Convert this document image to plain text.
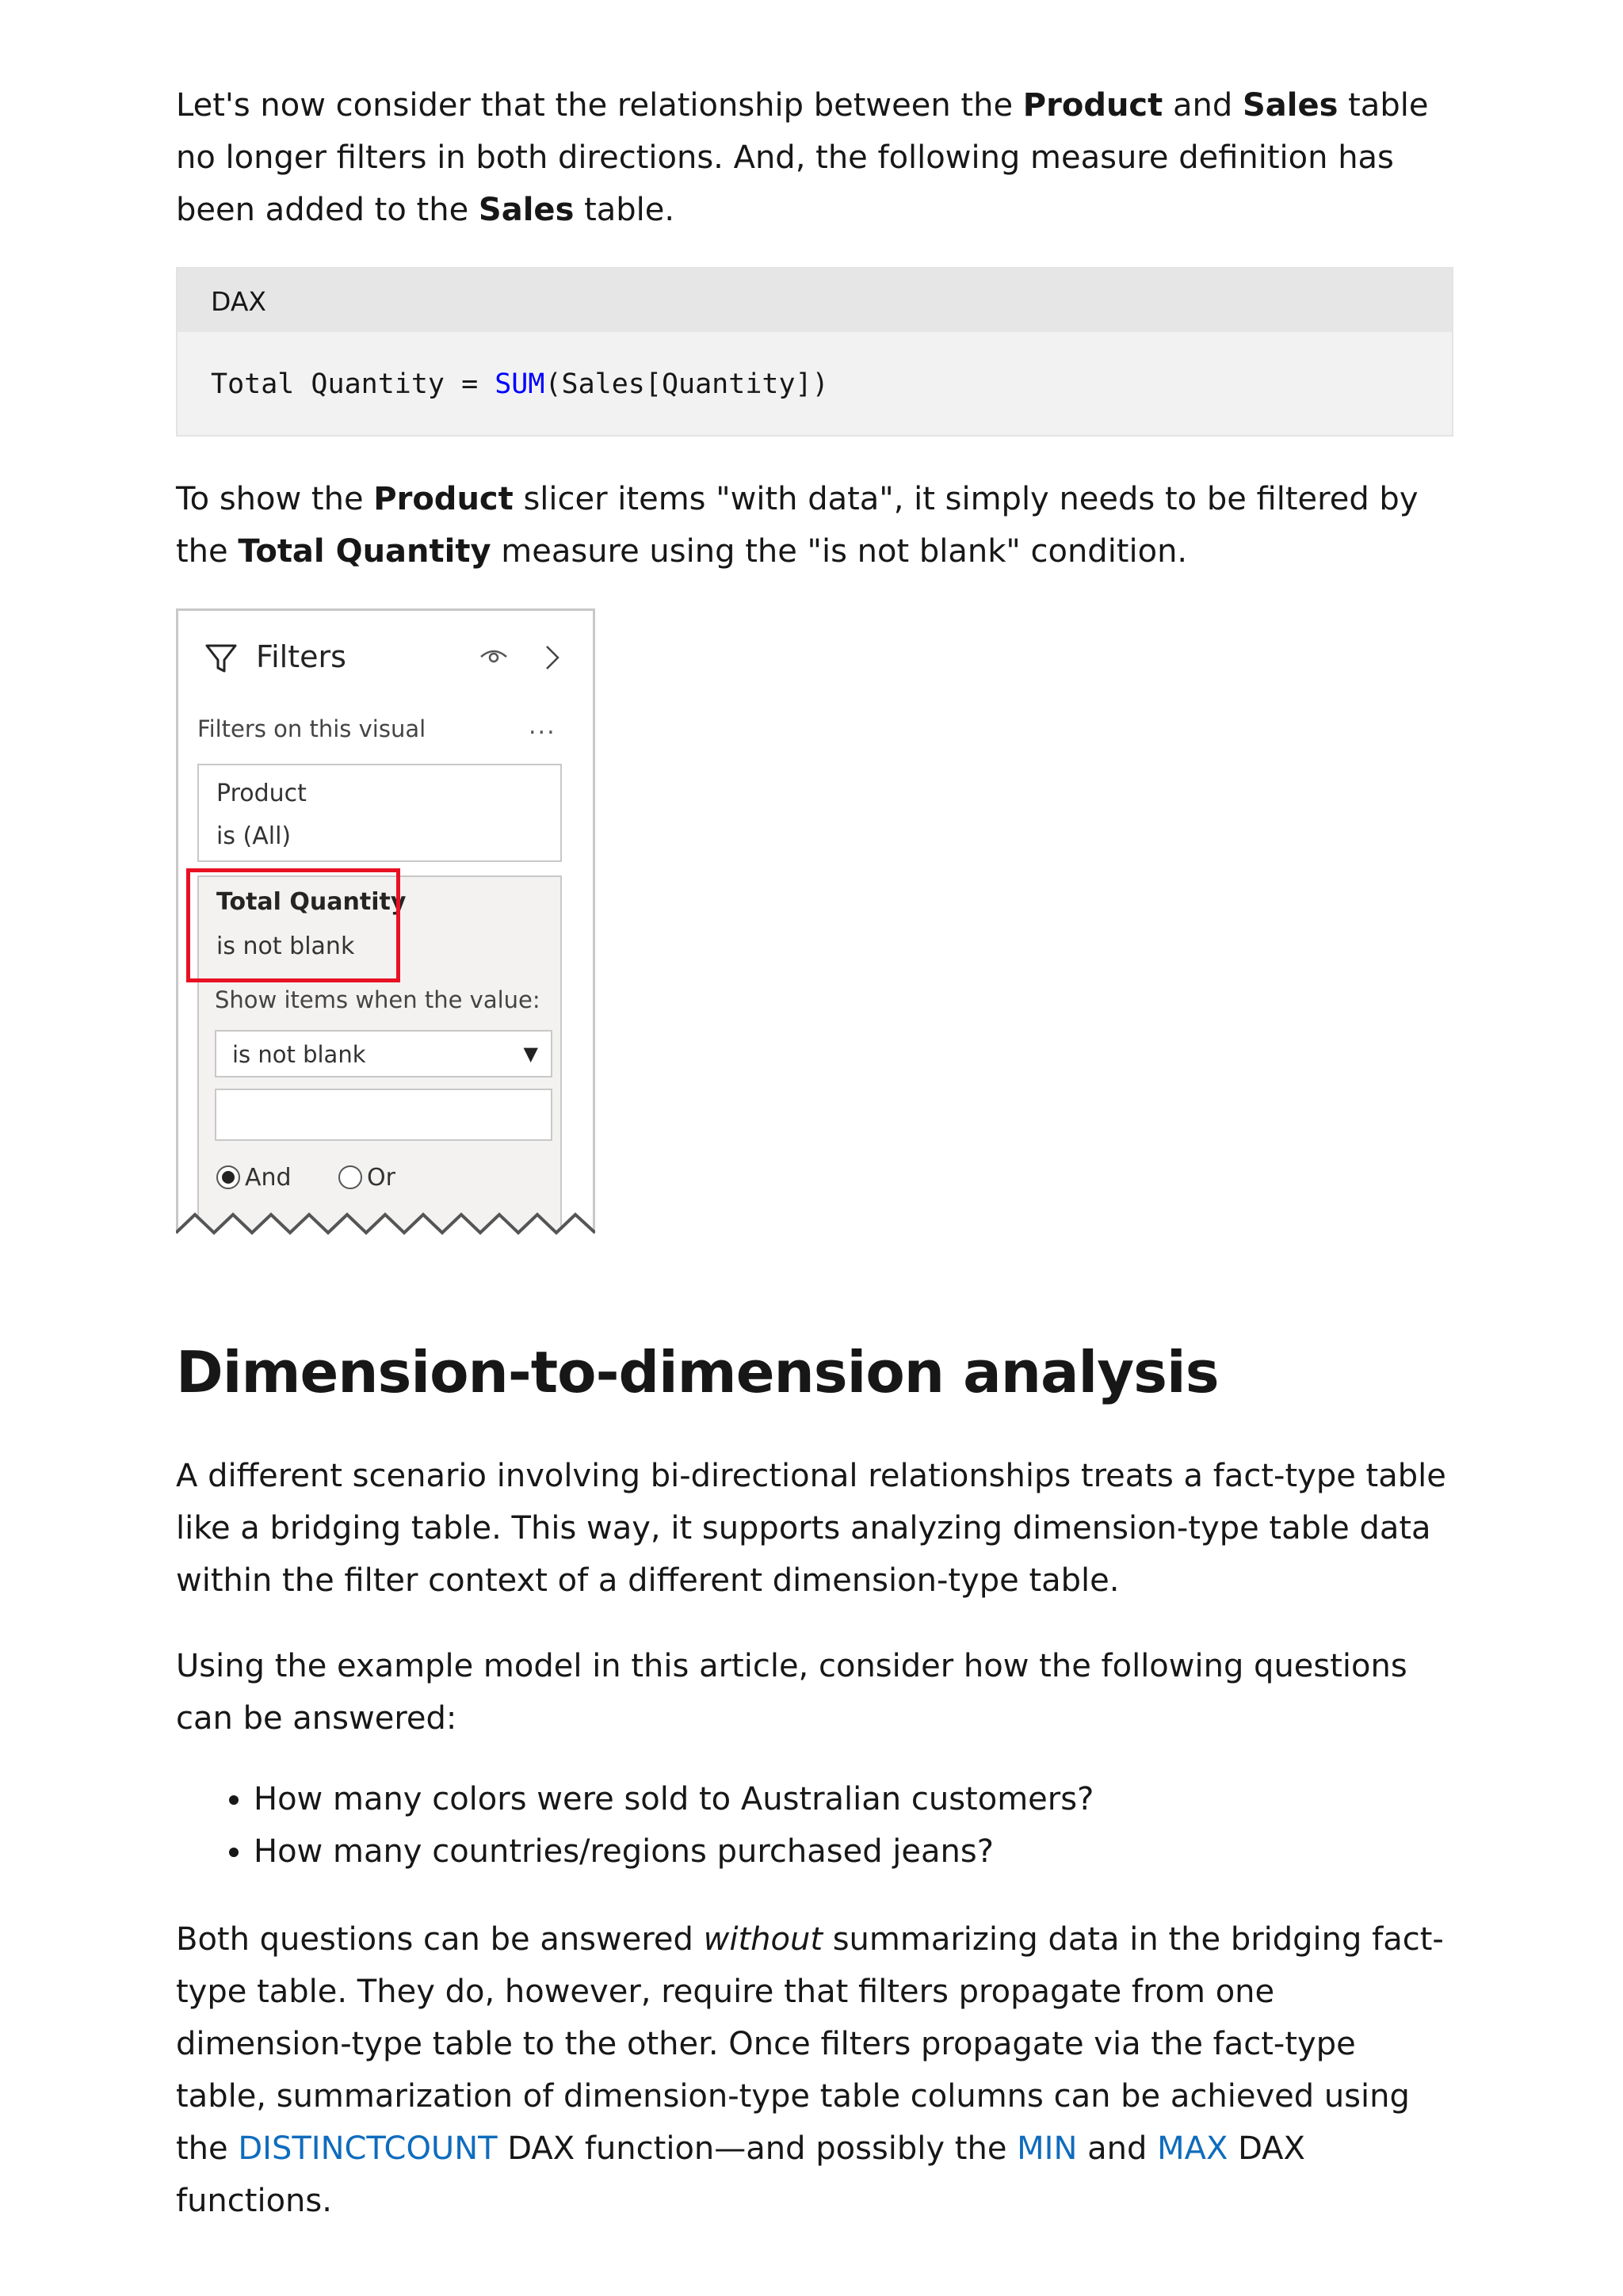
Let's now consider that the relationship between the Product and Sales table no longer filters in both directions. And, the following measure definition has been added to the Sales table.

DAX
Total Quantity = SUM(Sales[Quantity])

To show the Product slicer items "with data", it simply needs to be filtered by the Total Quantity measure using the "is not blank" condition.

Filters
Filters on this visual	...
Product
is (All)
Total Quantity
is not blank
Show items when the value:
is not blank	▼
And	Or
Dimension-to-dimension analysis

A different scenario involving bi-directional relationships treats a fact-type table like a bridging table. This way, it supports analyzing dimension-type table data within the filter context of a different dimension-type table.

Using the example model in this article, consider how the following questions can be answered:

• How many colors were sold to Australian customers?
• How many countries/regions purchased jeans?

Both questions can be answered without summarizing data in the bridging fact-type table. They do, however, require that filters propagate from one dimension-type table to the other. Once filters propagate via the fact-type table, summarization of dimension-type table columns can be achieved using the DISTINCTCOUNT DAX function—and possibly the MIN and MAX DAX functions.
